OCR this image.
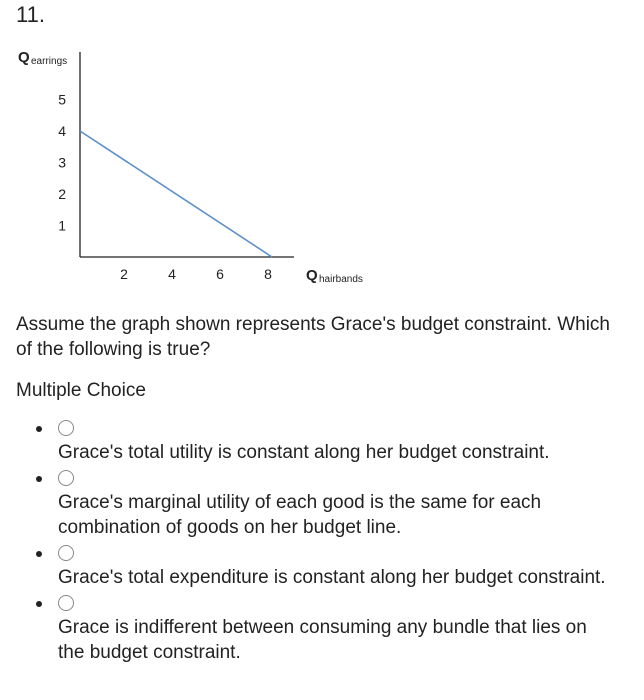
11.
Q earrings
Q hairbands
1
2
3
4
5
2	4	6	8

Assume the graph shown represents Grace's budget constraint. Which of the following is true?

Multiple Choice
Grace's total utility is constant along her budget constraint.
Grace's marginal utility of each good is the same for each combination of goods on her budget line.
Grace's total expenditure is constant along her budget constraint.
Grace is indifferent between consuming any bundle that lies on the budget constraint.
